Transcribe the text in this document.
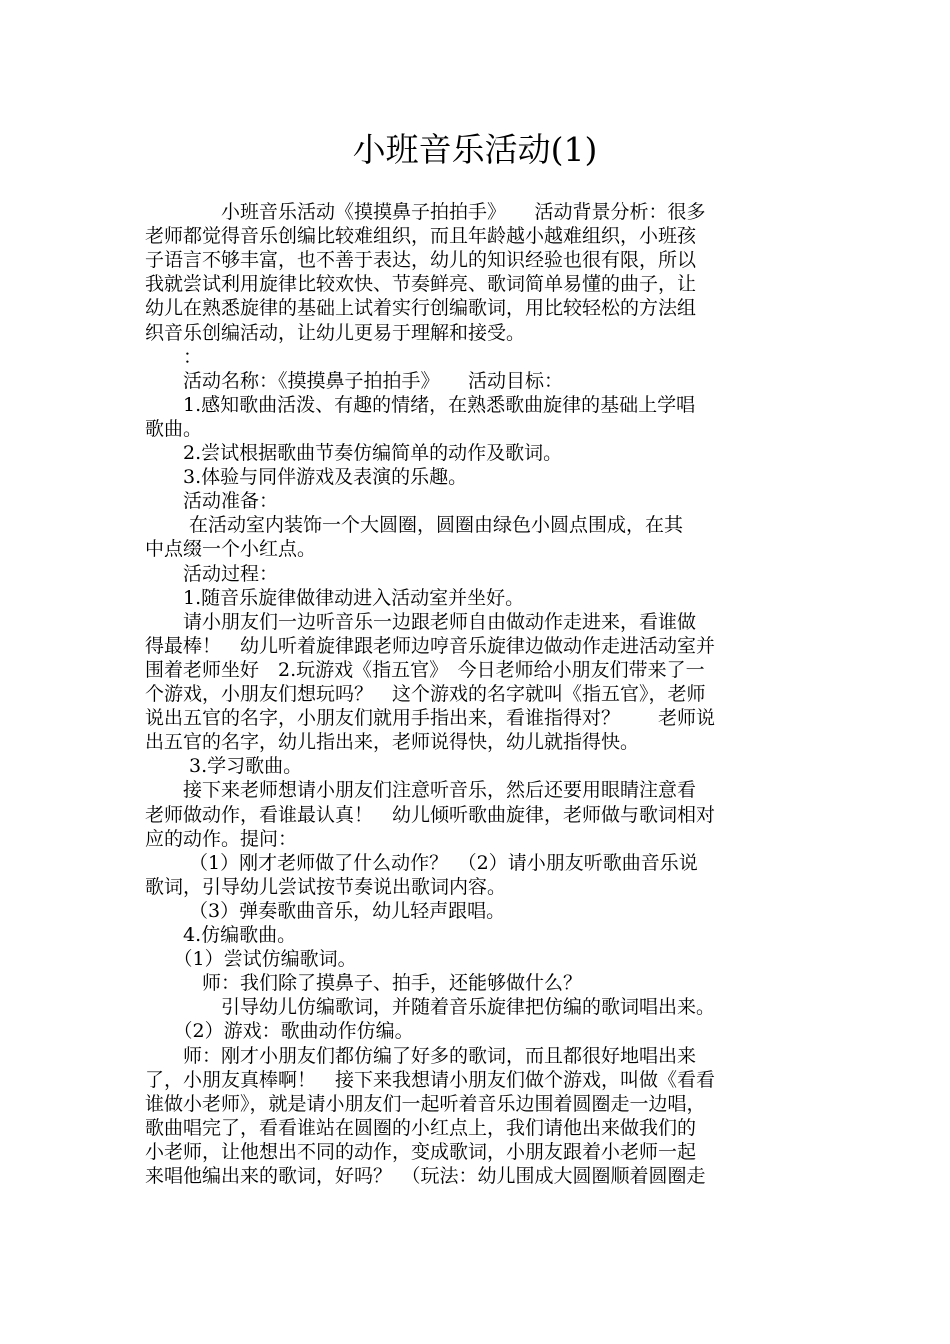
小班音乐活动(1)
　　　　小班音乐活动《摸摸鼻子拍拍手》　　活动背景分析：很多
老师都觉得音乐创编比较难组织，而且年龄越小越难组织，小班孩
子语言不够丰富，也不善于表达，幼儿的知识经验也很有限，所以
我就尝试利用旋律比较欢快、节奏鲜亮、歌词简单易懂的曲子，让
幼儿在熟悉旋律的基础上试着实行创编歌词，用比较轻松的方法组
织音乐创编活动，让幼儿更易于理解和接受。
　　：
　　活动名称：《摸摸鼻子拍拍手》　　活动目标：
　　1.感知歌曲活泼、有趣的情绪，在熟悉歌曲旋律的基础上学唱
歌曲。
　　2.尝试根据歌曲节奏仿编简单的动作及歌词。
　　3.体验与同伴游戏及表演的乐趣。
　　活动准备：
　　 在活动室内装饰一个大圆圈，圆圈由绿色小圆点围成，在其
中点缀一个小红点。
　　活动过程：
　　1.随音乐旋律做律动进入活动室并坐好。
　　请小朋友们一边听音乐一边跟老师自由做动作走进来，看谁做
得最棒！　幼儿听着旋律跟老师边哼音乐旋律边做动作走进活动室并
围着老师坐好　2.玩游戏《指五官》　今日老师给小朋友们带来了一
个游戏，小朋友们想玩吗？　这个游戏的名字就叫《指五官》，老师
说出五官的名字，小朋友们就用手指出来，看谁指得对？　　老师说
出五官的名字，幼儿指出来，老师说得快，幼儿就指得快。
　　 3.学习歌曲。
　　接下来老师想请小朋友们注意听音乐，然后还要用眼睛注意看
老师做动作，看谁最认真！　幼儿倾听歌曲旋律，老师做与歌词相对
应的动作。提问：
　　 （1）刚才老师做了什么动作？　（2）请小朋友听歌曲音乐说
歌词，引导幼儿尝试按节奏说出歌词内容。
　　 （3）弹奏歌曲音乐，幼儿轻声跟唱。
　　4.仿编歌曲。
　　（1）尝试仿编歌词。
　　　师：我们除了摸鼻子、拍手，还能够做什么？
　　　　引导幼儿仿编歌词，并随着音乐旋律把仿编的歌词唱出来。
　　（2）游戏：歌曲动作仿编。
　　师：刚才小朋友们都仿编了好多的歌词，而且都很好地唱出来
了，小朋友真棒啊！　接下来我想请小朋友们做个游戏，叫做《看看
谁做小老师》，就是请小朋友们一起听着音乐边围着圆圈走一边唱，
歌曲唱完了，看看谁站在圆圈的小红点上，我们请他出来做我们的
小老师，让他想出不同的动作，变成歌词，小朋友跟着小老师一起
来唱他编出来的歌词，好吗？　（玩法：幼儿围成大圆圈顺着圆圈走
